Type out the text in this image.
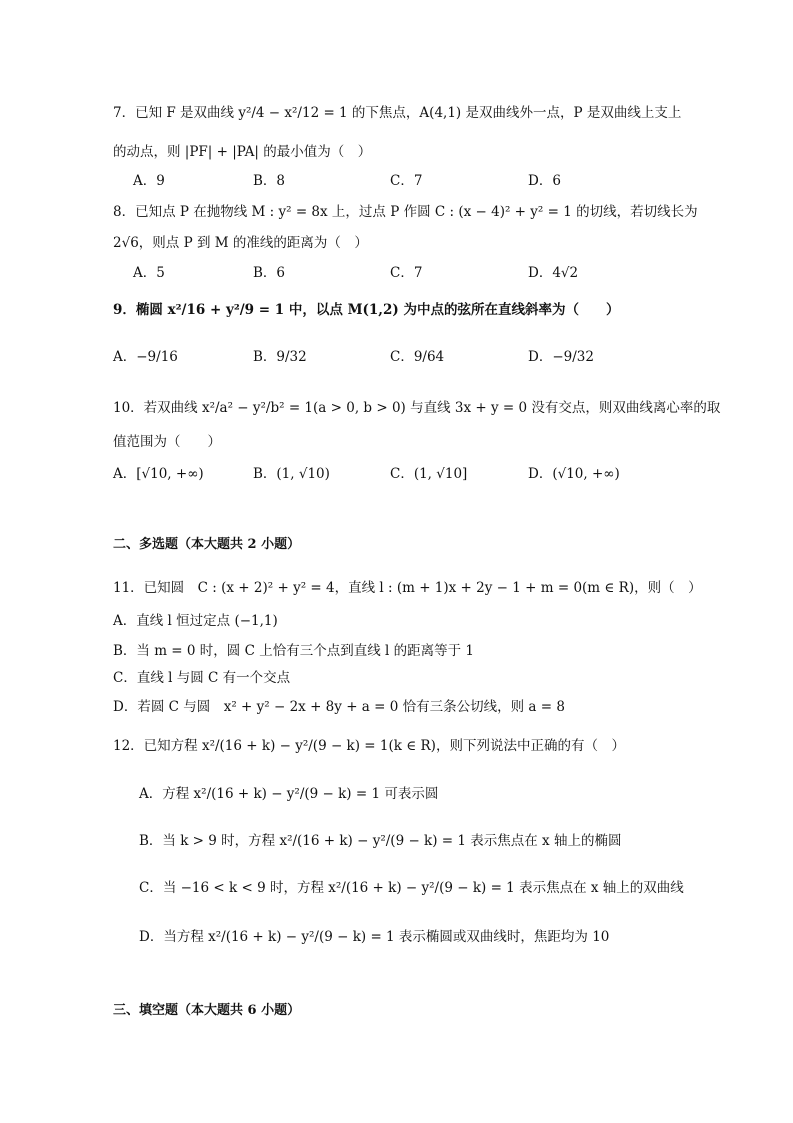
7．已知 F 是双曲线 y²/4 − x²/12 = 1 的下焦点，A(4,1) 是双曲线外一点，P 是双曲线上支上
的动点，则 |PF| + |PA| 的最小值为（　）
A．9	B．8	C．7	D．6
8．已知点 P 在抛物线 M : y² = 8x 上，过点 P 作圆 C : (x − 4)² + y² = 1 的切线，若切线长为
2√6，则点 P 到 M 的准线的距离为（　）
A．5	B．6	C．7	D．4√2
9．椭圆 x²/16 + y²/9 = 1 中，以点 M(1,2) 为中点的弦所在直线斜率为（　　）
A．−9/16	B．9/32	C．9/64	D．−9/32
10．若双曲线 x²/a² − y²/b² = 1(a > 0, b > 0) 与直线 3x + y = 0 没有交点，则双曲线离心率的取
值范围为（　　）
A．[√10, +∞)	B．(1, √10)	C．(1, √10]	D．(√10, +∞)
二、多选题（本大题共 2 小题）
11．已知圆　C : (x + 2)² + y² = 4，直线 l : (m + 1)x + 2y − 1 + m = 0(m ∈ R)，则（　）
A．直线 l 恒过定点 (−1,1)
B．当 m = 0 时，圆 C 上恰有三个点到直线 l 的距离等于 1
C．直线 l 与圆 C 有一个交点
D．若圆 C 与圆　x² + y² − 2x + 8y + a = 0 恰有三条公切线，则 a = 8
12．已知方程 x²/(16 + k) − y²/(9 − k) = 1(k ∈ R)，则下列说法中正确的有（　）
A．方程 x²/(16 + k) − y²/(9 − k) = 1 可表示圆
B．当 k > 9 时，方程 x²/(16 + k) − y²/(9 − k) = 1 表示焦点在 x 轴上的椭圆
C．当 −16 < k < 9 时，方程 x²/(16 + k) − y²/(9 − k) = 1 表示焦点在 x 轴上的双曲线
D．当方程 x²/(16 + k) − y²/(9 − k) = 1 表示椭圆或双曲线时，焦距均为 10
三、填空题（本大题共 6 小题）
